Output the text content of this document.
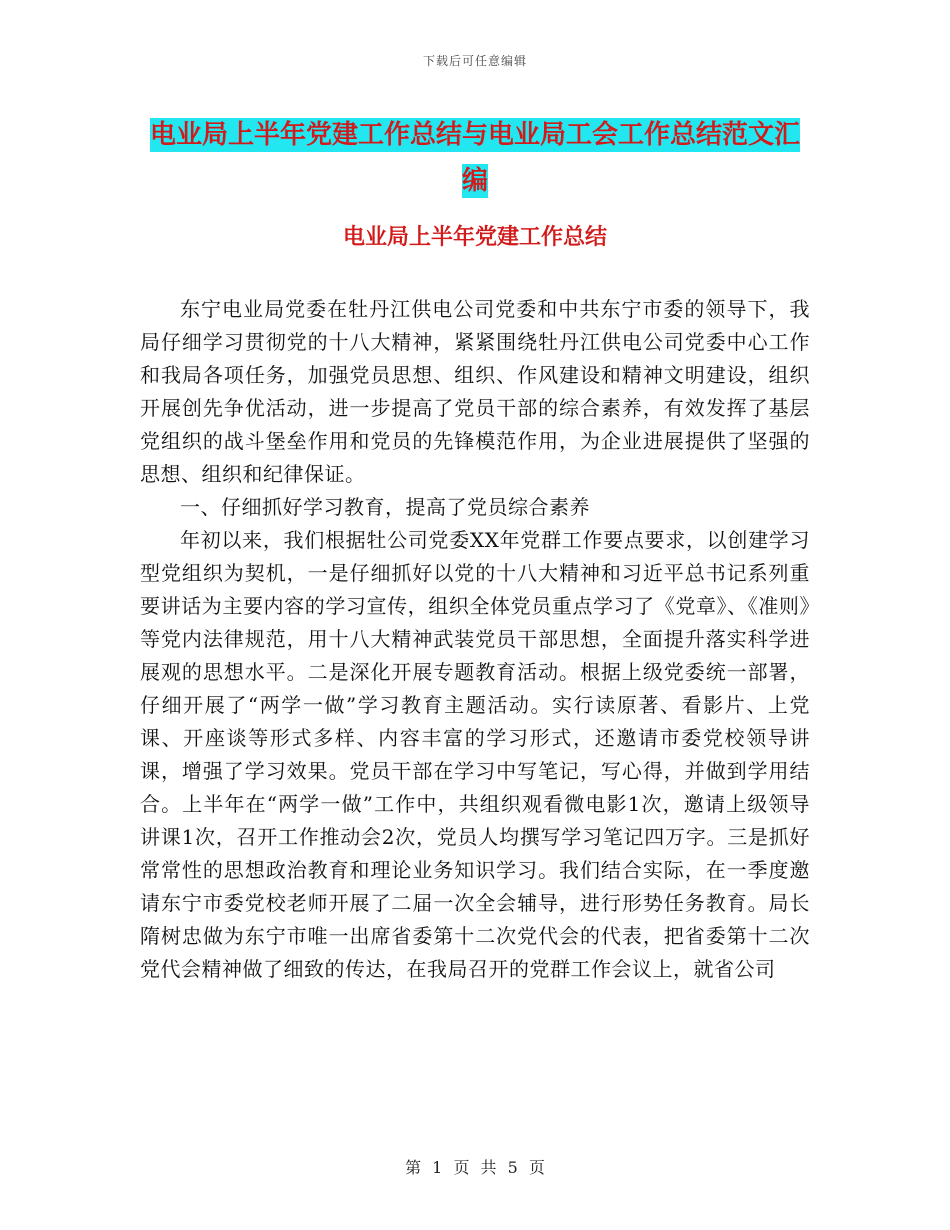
下载后可任意编辑
电业局上半年党建工作总结与电业局工会工作总结范文汇编
电业局上半年党建工作总结

东宁电业局党委在牡丹江供电公司党委和中共东宁市委的领导下，我局仔细学习贯彻党的十八大精神，紧紧围绕牡丹江供电公司党委中心工作和我局各项任务，加强党员思想、组织、作风建设和精神文明建设，组织开展创先争优活动，进一步提高了党员干部的综合素养，有效发挥了基层党组织的战斗堡垒作用和党员的先锋模范作用，为企业进展提供了坚强的思想、组织和纪律保证。

一、仔细抓好学习教育，提高了党员综合素养

年初以来，我们根据牡公司党委XX年党群工作要点要求，以创建学习型党组织为契机，一是仔细抓好以党的十八大精神和习近平总书记系列重要讲话为主要内容的学习宣传，组织全体党员重点学习了《党章》、《准则》等党内法律规范，用十八大精神武装党员干部思想，全面提升落实科学进展观的思想水平。二是深化开展专题教育活动。根据上级党委统一部署，仔细开展了“两学一做”学习教育主题活动。实行读原著、看影片、上党课、开座谈等形式多样、内容丰富的学习形式，还邀请市委党校领导讲课，增强了学习效果。党员干部在学习中写笔记，写心得，并做到学用结合。上半年在“两学一做”工作中，共组织观看微电影1次，邀请上级领导讲课1次，召开工作推动会2次，党员人均撰写学习笔记四万字。三是抓好常常性的思想政治教育和理论业务知识学习。我们结合实际，在一季度邀请东宁市委党校老师开展了二届一次全会辅导，进行形势任务教育。局长隋树忠做为东宁市唯一出席省委第十二次党代会的代表，把省委第十二次党代会精神做了细致的传达，在我局召开的党群工作会议上，就省公司

第 1 页 共 5 页
